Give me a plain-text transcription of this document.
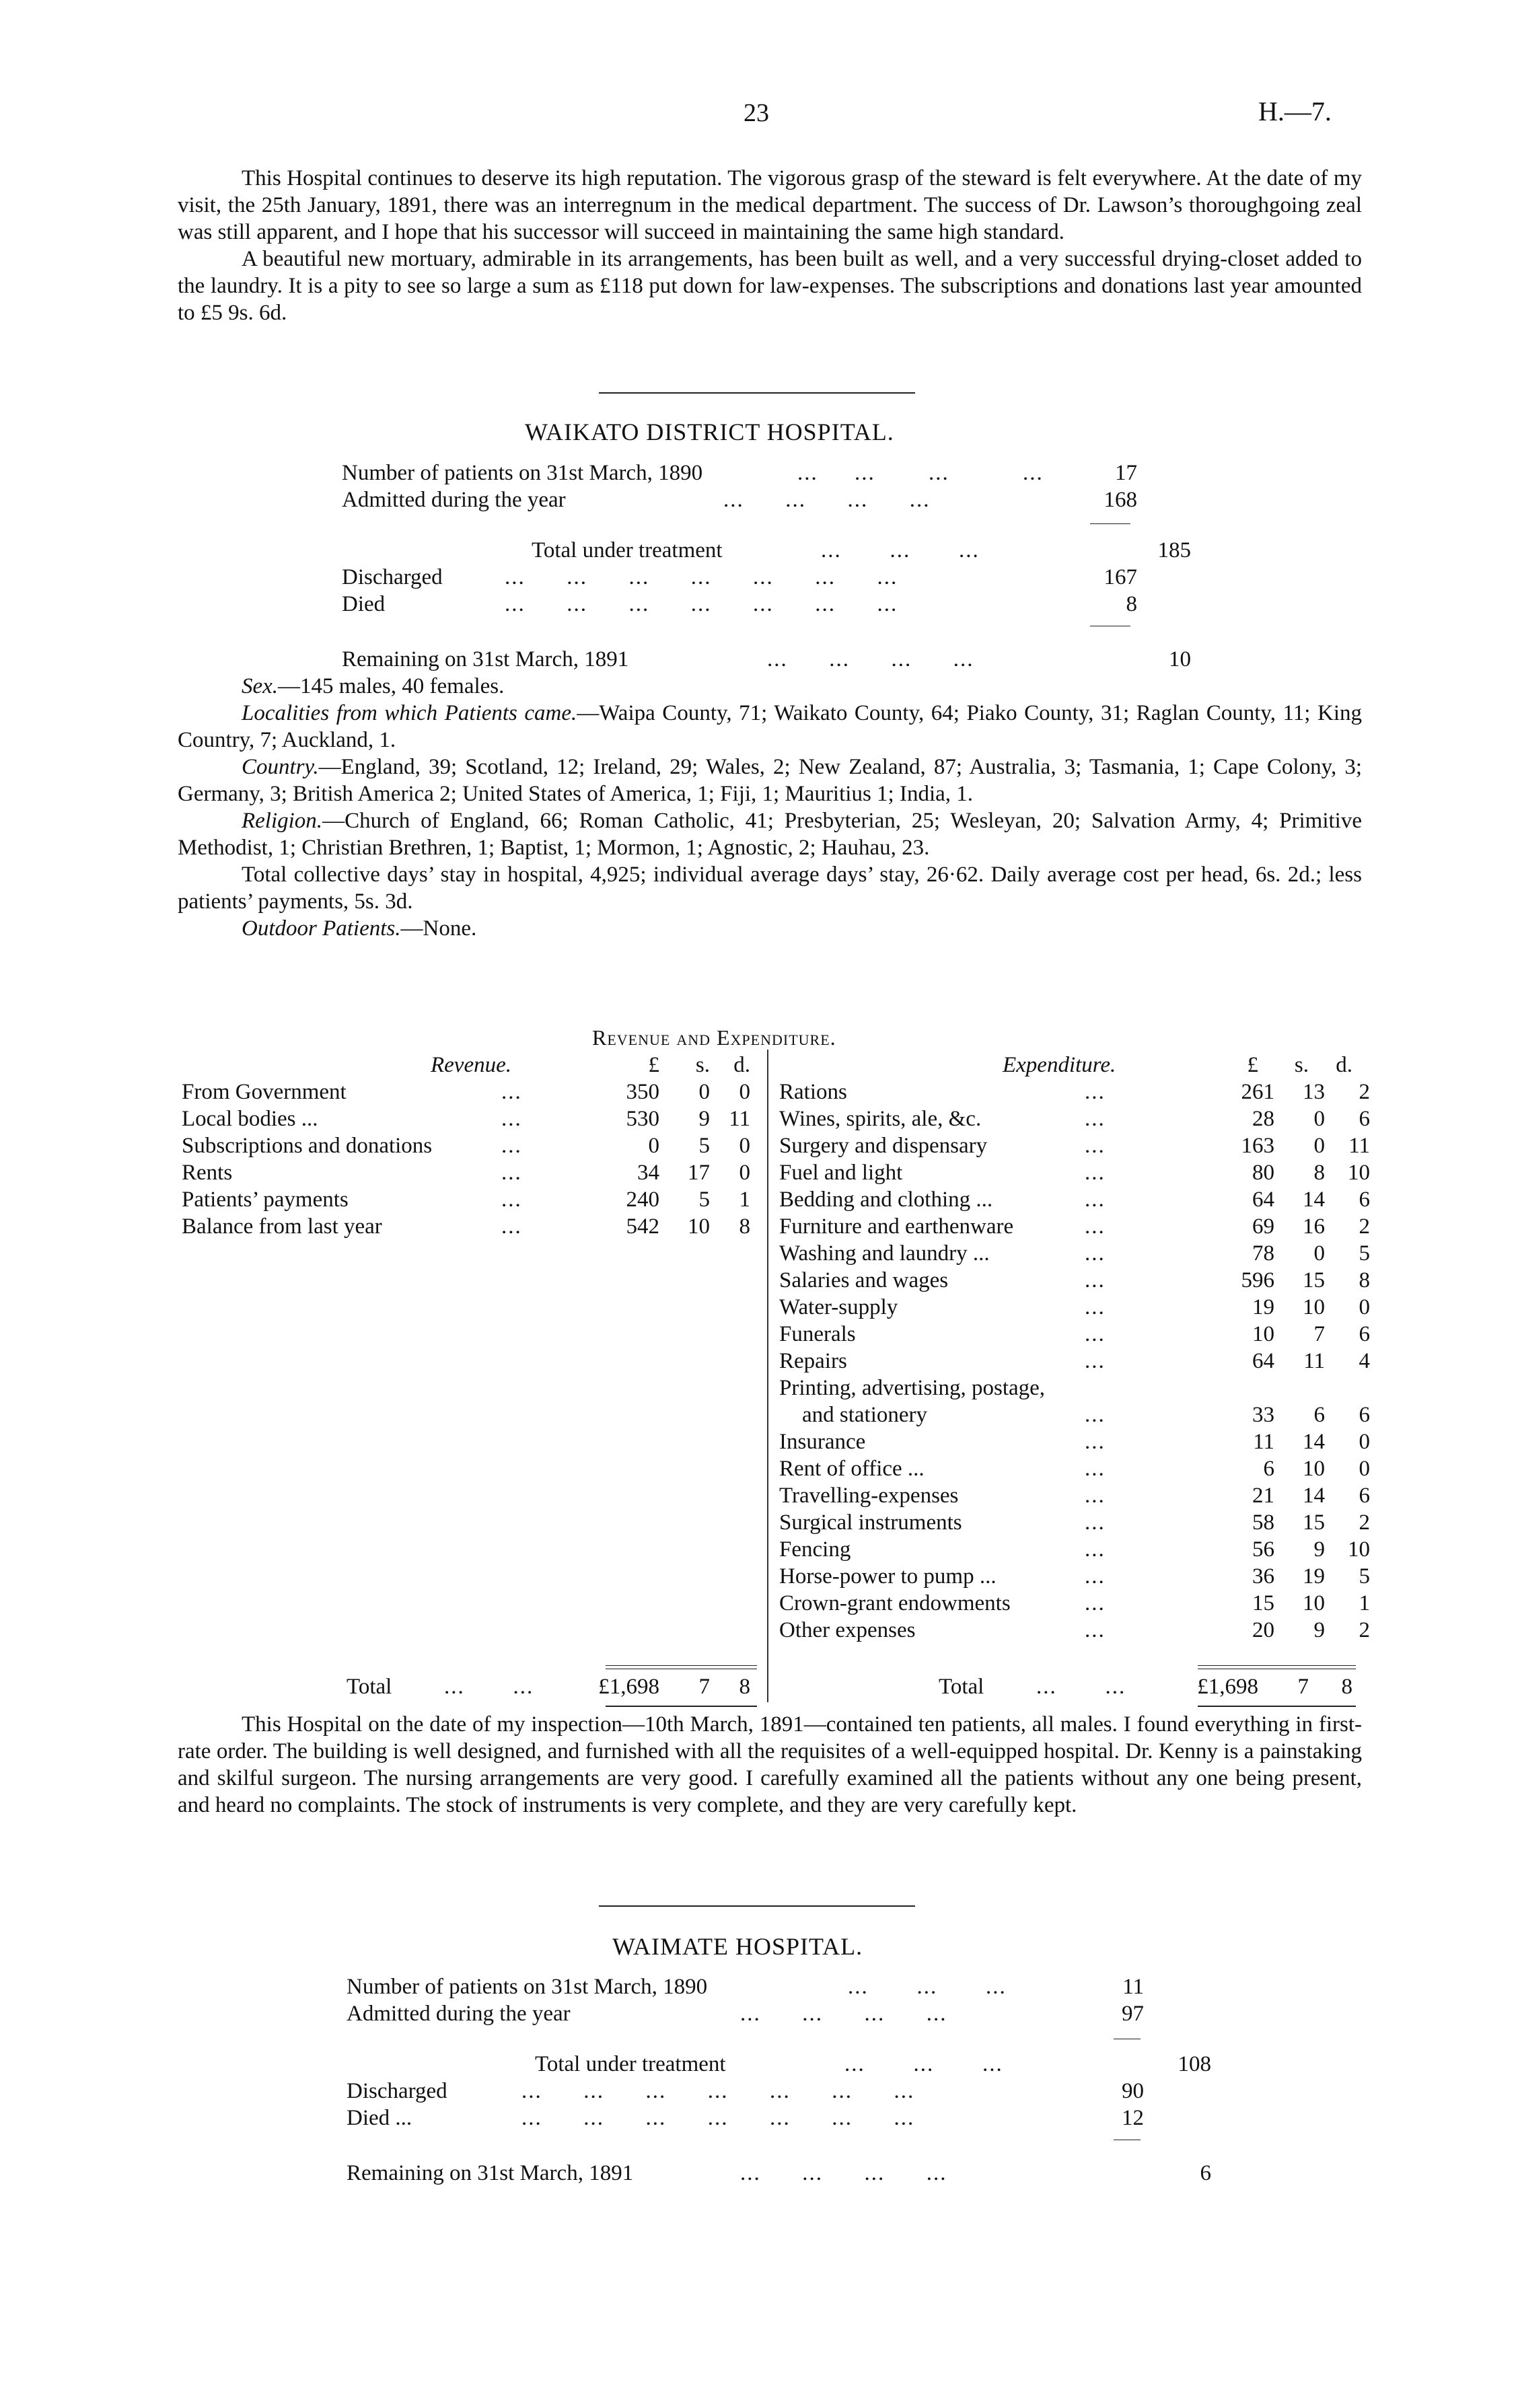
23	H.—7.

This Hospital continues to deserve its high reputation. The vigorous grasp of the steward is felt everywhere. At the date of my visit, the 25th January, 1891, there was an interregnum in the medical department. The success of Dr. Lawson’s thoroughgoing zeal was still apparent, and I hope that his successor will succeed in maintaining the same high standard.

A beautiful new mortuary, admirable in its arrangements, has been built as well, and a very successful drying-closet added to the laundry. It is a pity to see so large a sum as £118 put down for law-expenses. The subscriptions and donations last year amounted to £5 9s. 6d.

WAIKATO DISTRICT HOSPITAL.
Number of patients on 31st March, 1890	... ... ...	...	17
Admitted during the year	...      ...      ...      ...	168
Total under treatment	...       ...       ...	185
Discharged	...      ...      ...      ...      ...      ...      ...	167
Died	...      ...      ...      ...      ...      ...      ...	8
Remaining on 31st March, 1891	...      ...      ...      ...	10

Sex.—145 males, 40 females.

Localities from which Patients came.—Waipa County, 71; Waikato County, 64; Piako County, 31; Raglan County, 11; King Country, 7; Auckland, 1.

Country.—England, 39; Scotland, 12; Ireland, 29; Wales, 2; New Zealand, 87; Australia, 3; Tasmania, 1; Cape Colony, 3; Germany, 3; British America 2; United States of America, 1; Fiji, 1; Mauritius 1; India, 1.

Religion.—Church of England, 66; Roman Catholic, 41; Presbyterian, 25; Wesleyan, 20; Salvation Army, 4; Primitive Methodist, 1; Christian Brethren, 1; Baptist, 1; Mormon, 1; Agnostic, 2; Hauhau, 23.

Total collective days’ stay in hospital, 4,925; individual average days’ stay, 26·62. Daily average cost per head, 6s. 2d.; less patients’ payments, 5s. 3d.

Outdoor Patients.—None.

Revenue and Expenditure.
Revenue.	£	s.	d.
From Government	...	350	0	0
Local bodies ...	...	530	9	11
Subscriptions and donations	...	0	5	0
Rents	...	34	17	0
Patients’ payments	...	240	5	1
Balance from last year	...	542	10	8
Expenditure.	£	s.	d.
Rations	...	261	13	2
Wines, spirits, ale, &c.	...	28	0	6
Surgery and dispensary	...	163	0	11
Fuel and light	...	80	8	10
Bedding and clothing ...	...	64	14	6
Furniture and earthenware	...	69	16	2
Washing and laundry ...	...	78	0	5
Salaries and wages	...	596	15	8
Water-supply	...	19	10	0
Funerals	...	10	7	6
Repairs	...	64	11	4
Printing, advertising, postage,				
and stationery	...	33	6	6
Insurance	...	11	14	0
Rent of office ...	...	6	10	0
Travelling-expenses	...	21	14	6
Surgical instruments	...	58	15	2
Fencing	...	56	9	10
Horse-power to pump ...	...	36	19	5
Crown-grant endowments	...	15	10	1
Other expenses	...	20	9	2
Total ...       ...	£1,698	7	8	Total ...       ...	£1,698	7	8

This Hospital on the date of my inspection—10th March, 1891—contained ten patients, all males. I found everything in first-rate order. The building is well designed, and furnished with all the requisites of a well-equipped hospital. Dr. Kenny is a painstaking and skilful surgeon. The nursing arrangements are very good. I carefully examined all the patients without any one being present, and heard no complaints. The stock of instruments is very complete, and they are very carefully kept.

WAIMATE HOSPITAL.
Number of patients on 31st March, 1890	...       ...       ...	11
Admitted during the year	...      ...      ...      ...	97
Total under treatment	...       ...       ...	108
Discharged	...      ...      ...      ...      ...      ...      ...	90
Died ...	...      ...      ...      ...      ...      ...      ...	12
Remaining on 31st March, 1891	...      ...      ...      ...	6
